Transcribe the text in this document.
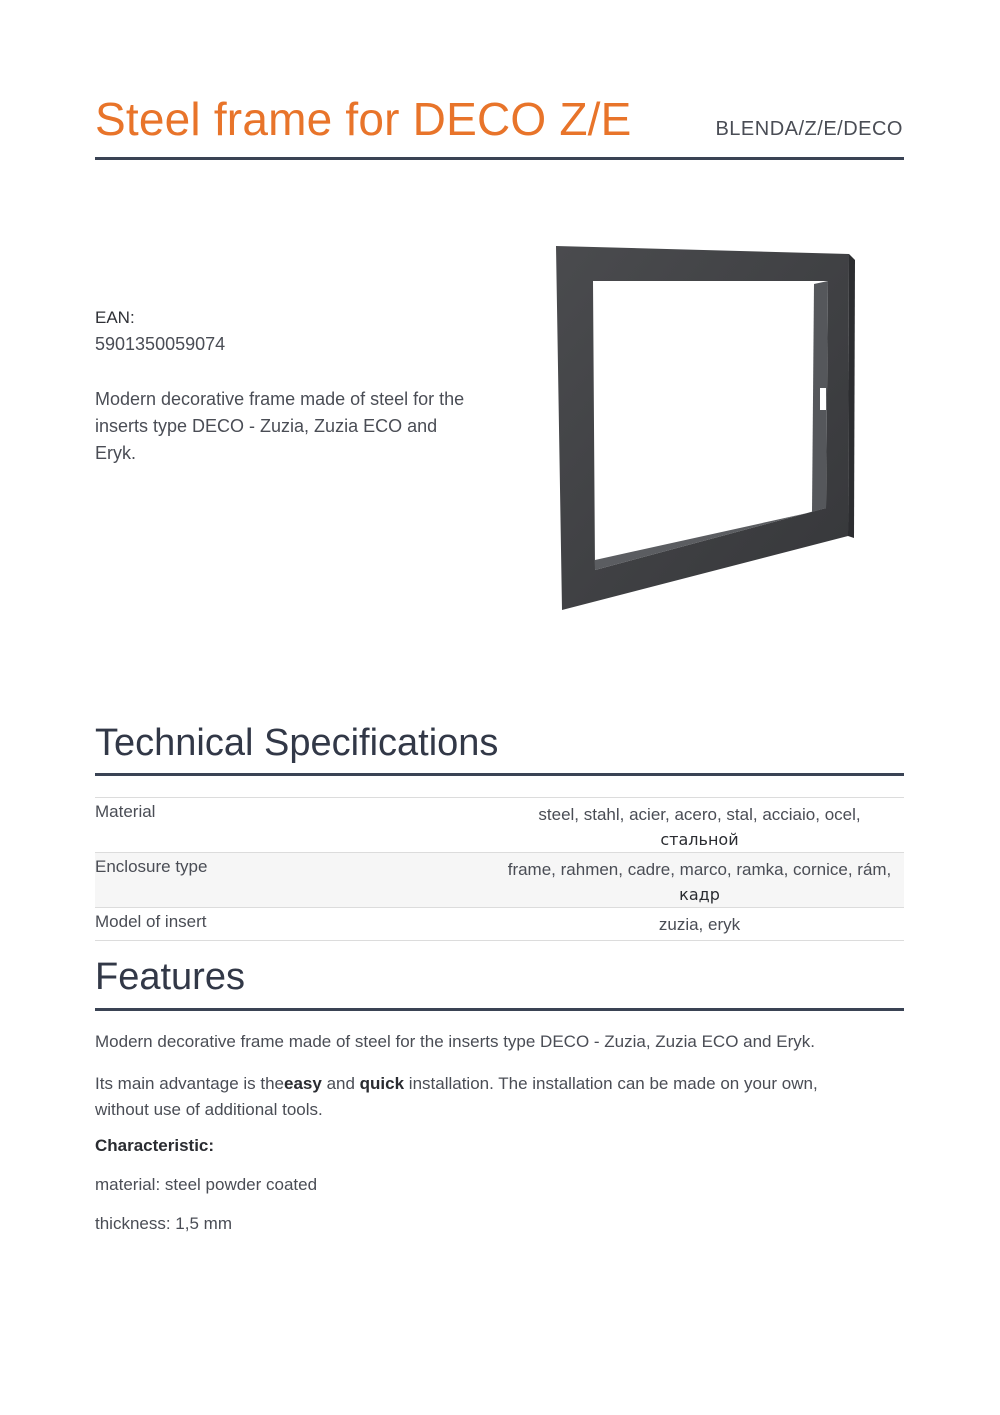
Steel frame for DECO Z/E	BLENDA/Z/E/DECO
EAN:
5901350059074
Modern decorative frame made of steel for the inserts type DECO - Zuzia, Zuzia ECO and Eryk.
Technical Specifications
Material	steel, stahl, acier, acero, stal, acciaio, ocel,
стальной

Enclosure type	frame, rahmen, cadre, marco, ramka, cornice, rám,
кадр

Model of insert	zuzia, eryk
Features

Modern decorative frame made of steel for the inserts type DECO - Zuzia, Zuzia ECO and Eryk.

Its main advantage is theeasy and quick installation. The installation can be made on your own, without use of additional tools.

Characteristic:

material: steel powder coated

thickness: 1,5 mm
